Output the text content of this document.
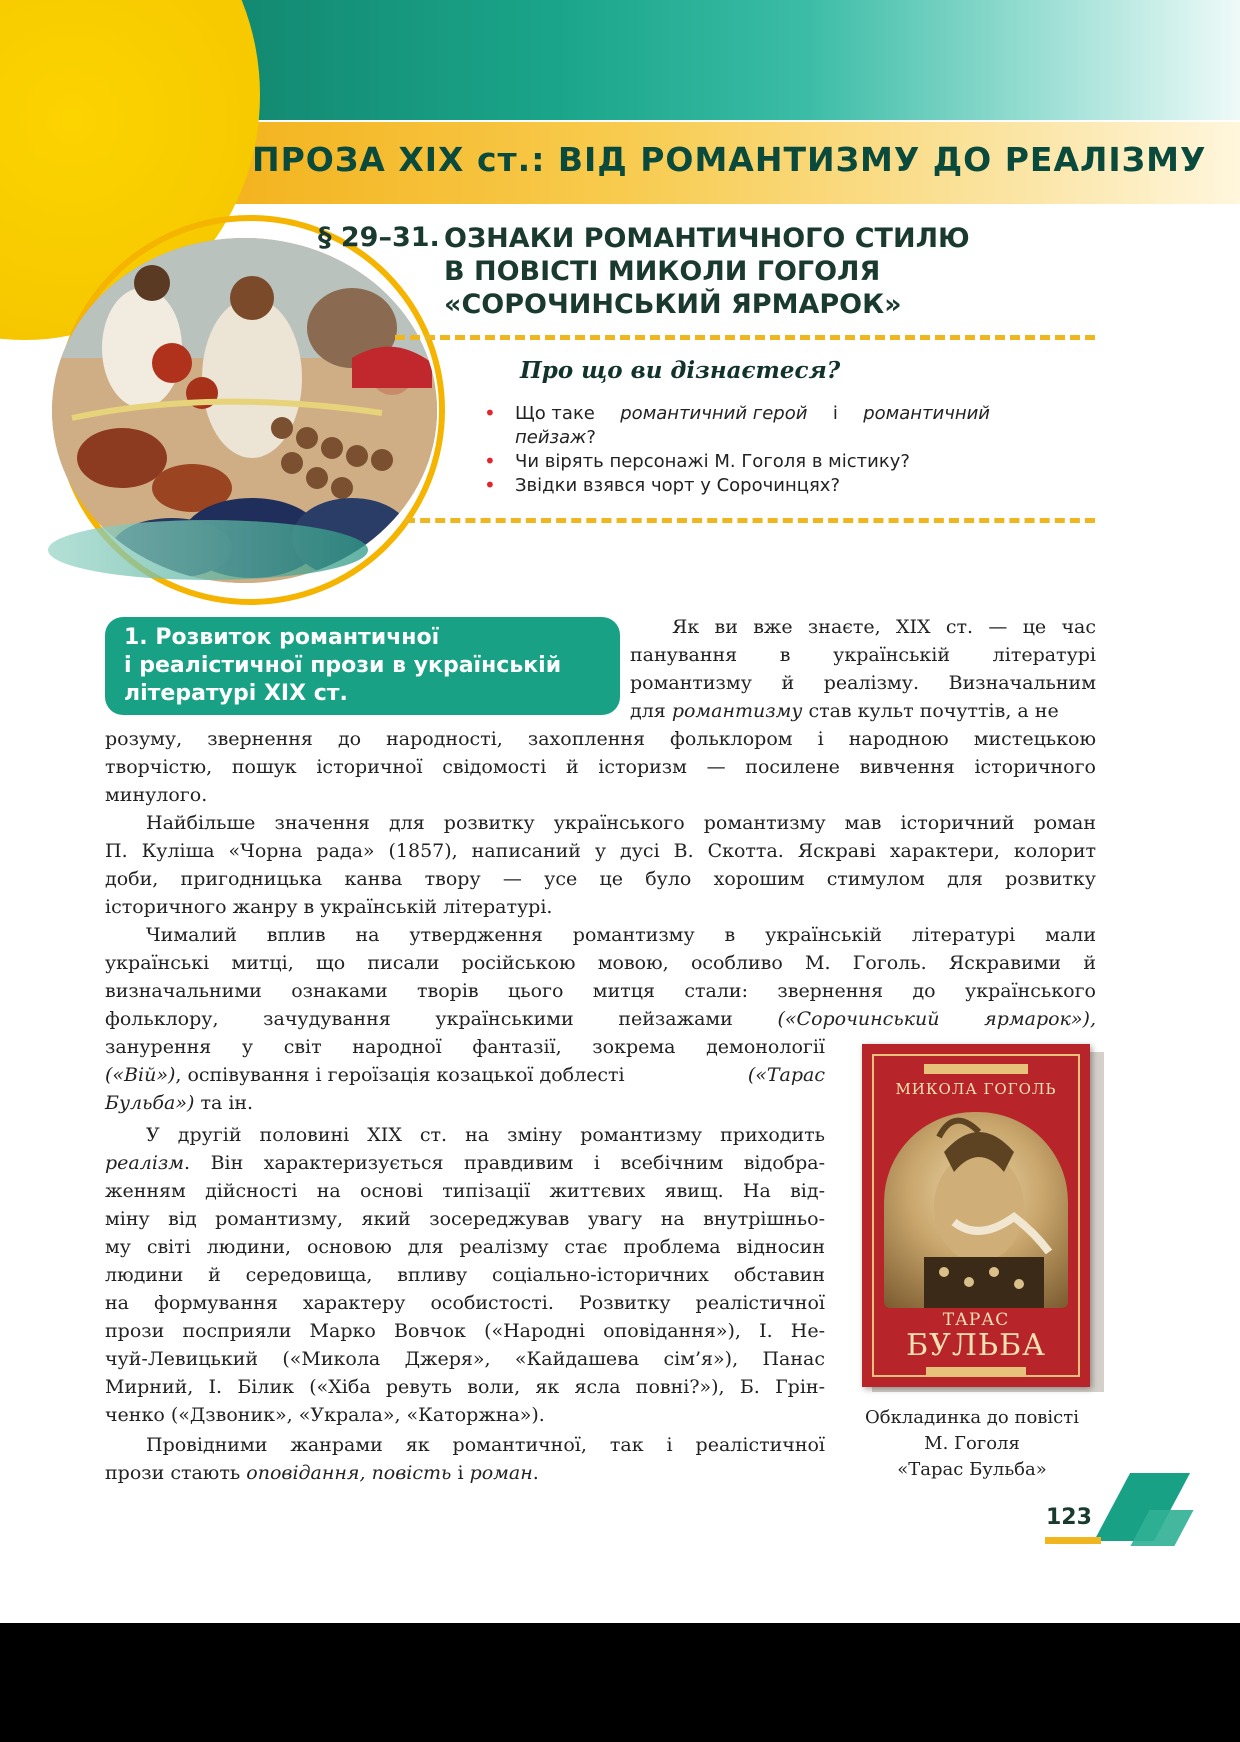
ПРОЗА XIX ст.: ВІД РОМАНТИЗМУ ДО РЕАЛІЗМУ
§ 29–31. ОЗНАКИ РОМАНТИЧНОГО СТИЛЮ
В ПОВІСТІ МИКОЛИ ГОГОЛЯ
«СОРОЧИНСЬКИЙ ЯРМАРОК»
Про що ви дізнаєтеся?
• Що таке романтичний герой і романтичний
пейзаж?
• Чи вірять персонажі М. Гоголя в містику?
• Звідки взявся чорт у Сорочинцях?
1. Розвиток романтичної
і реалістичної прози в українській
літературі XIX ст.
Як ви вже знаєте, XIX ст. — це час
панування в українській літературі
романтизму й реалізму. Визначальним
для романтизму став культ почуттів, а не
розуму, звернення до народності, захоплення фольклором і народною мистецькою
творчістю, пошук історичної свідомості й історизм — посилене вивчення історичного
минулого.
Найбільше значення для розвитку українського романтизму мав історичний роман
П. Куліша «Чорна рада» (1857), написаний у дусі В. Скотта. Яскраві характери, колорит
доби, пригодницька канва твору — усе це було хорошим стимулом для розвитку
історичного жанру в українській літературі.
Чималий вплив на утвердження романтизму в українській літературі мали
українські митці, що писали російською мовою, особливо М. Гоголь. Яскравими й
визначальними ознаками творів цього митця стали: звернення до українського
фольклору, зачудування українськими пейзажами («Сорочинський ярмарок»),
занурення у світ народної фантазії, зокрема демонології
(«Вій»), оспівування і героїзація козацької доблесті	(«Тарас
Бульба») та ін.
У другій половині XIX ст. на зміну романтизму приходить
реалізм. Він характеризується правдивим і всебічним відобра-
женням дійсності на основі типізації життєвих явищ. На від-
міну від романтизму, який зосереджував увагу на внутрішньо-
му світі людини, основою для реалізму стає проблема відносин
людини й середовища, впливу соціально-історичних обставин
на формування характеру особистості. Розвитку реалістичної
прози посприяли Марко Вовчок («Народні оповідання»), І. Не-
чуй-Левицький («Микола Джеря», «Кайдашева сім’я»), Панас
Мирний, І. Білик («Хіба ревуть воли, як ясла повні?»), Б. Грін-
ченко («Дзвоник», «Украла», «Каторжна»).
Провідними жанрами як романтичної, так і реалістичної
прози стають оповідання, повість і роман.
МИКОЛА ГОГОЛЬ
ТАРАС
БУЛЬБА
Обкладинка до повісті
М. Гоголя
«Тарас Бульба»
123
